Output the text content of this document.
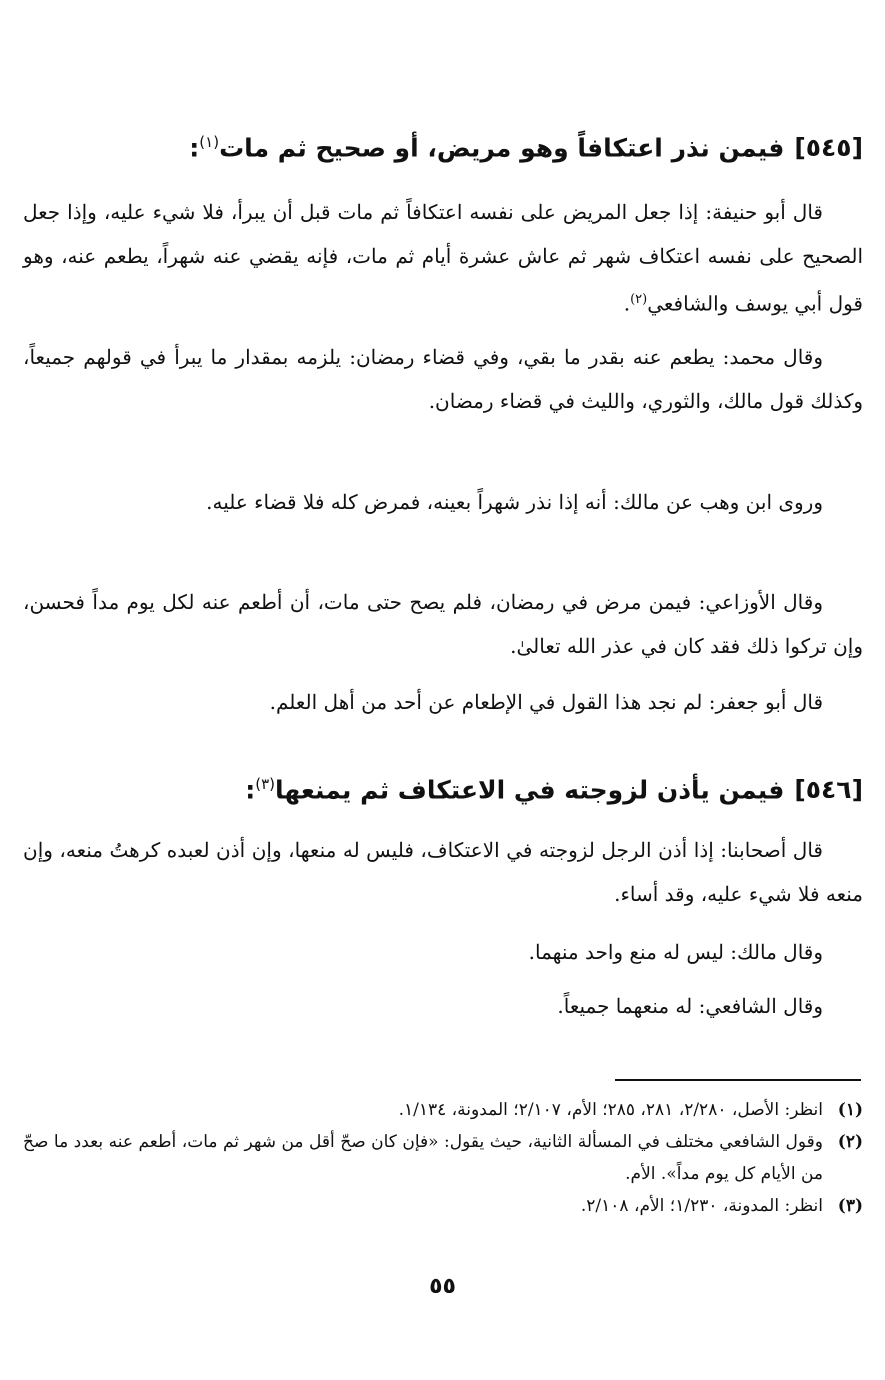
[٥٤٥]فيمن نذر اعتكافاً وهو مريض، أو صحيح ثم مات$^{(١)}$:
قال أبو حنيفة: إذا جعل المريض على نفسه اعتكافاً ثم مات قبل أن يبرأ، فلا شيء عليه، وإذا جعل الصحيح على نفسه اعتكاف شهر ثم عاش عشرة أيام ثم مات، فإنه يقضي عنه شهراً، يطعم عنه، وهو قول أبي يوسف والشافعي$^{(٢)}$.
وقال محمد: يطعم عنه بقدر ما بقي، وفي قضاء رمضان: يلزمه بمقدار ما يبرأ في قولهم جميعاً، وكذلك قول مالك، والثوري، والليث في قضاء رمضان.
وروى ابن وهب عن مالك: أنه إذا نذر شهراً بعينه، فمرض كله فلا قضاء عليه.
وقال الأوزاعي: فيمن مرض في رمضان، فلم يصح حتى مات، أن أطعم عنه لكل يوم مداً فحسن، وإن تركوا ذلك فقد كان في عذر الله تعالىٰ.
قال أبو جعفر: لم نجد هذا القول في الإطعام عن أحد من أهل العلم.
[٥٤٦]فيمن يأذن لزوجته في الاعتكاف ثم يمنعها$^{(٣)}$:
قال أصحابنا: إذا أذن الرجل لزوجته في الاعتكاف، فليس له منعها، وإن أذن لعبده كرهتُ منعه، وإن منعه فلا شيء عليه، وقد أساء.
وقال مالك: ليس له منع واحد منهما.
وقال الشافعي: له منعهما جميعاً.
(١)
انظر: الأصل، ٢/٢٨٠، ٢٨١، ٢٨٥؛ الأم، ٢/١٠٧؛ المدونة، ١/١٣٤.
(٢)
وقول الشافعي مختلف في المسألة الثانية، حيث يقول: «فإن كان صحّ أقل من شهر ثم مات، أطعم عنه بعدد ما صحّ من الأيام كل يوم مداً». الأم.
(٣)
انظر: المدونة، ١/٢٣٠؛ الأم، ٢/١٠٨.
٥٥
